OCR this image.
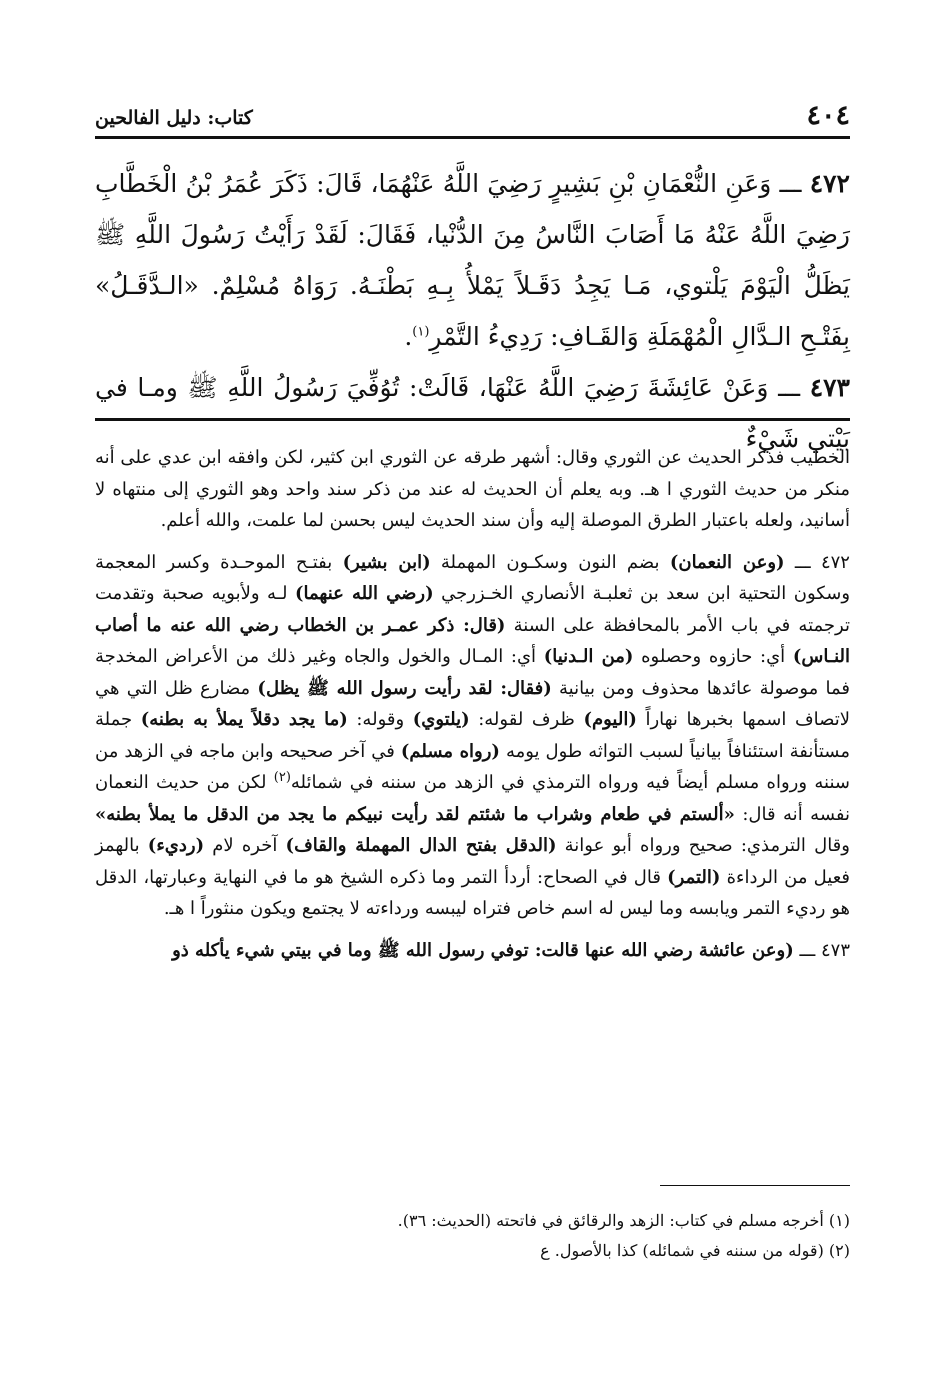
٤٠٤
كتاب: دليل الفالحين

٤٧٢ ـــ وَعَنِ النُّعْمَانِ بْنِ بَشِيرٍ رَضِيَ اللَّهُ عَنْهُمَا، قَالَ: ذَكَرَ عُمَرُ بْنُ الْخَطَّابِ رَضِيَ اللَّهُ عَنْهُ مَا أَصَابَ النَّاسُ مِنَ الدُّنْيا، فَقَالَ: لَقَدْ رَأَيْتُ رَسُولَ اللَّهِ ﷺ يَظَلُّ الْيَوْمَ يَلْتوي، مَـا يَجِدُ دَقَـلاً يَمْلأُ بِـهِ بَطْنَـهُ. رَوَاهُ مُسْلِمٌ. «الـدَّقَـلُ» بِفَتْـحِ الـدَّالِ الْمُهْمَلَةِ وَالقَـافِ: رَدِيءُ التَّمْرِ$^{(١)}$.

٤٧٣ ـــ وَعَنْ عَائِشَةَ رَضِيَ اللَّهُ عَنْهَا، قَالَتْ: تُوُفِّيَ رَسُولُ اللَّهِ ﷺ ومـا في بَيْتي شَيْءٌ

الخطيب فذكر الحديث عن الثوري وقال: أشهر طرقه عن الثوري ابن كثير، لكن وافقه ابن عدي على أنه منكر من حديث الثوري ا هـ. وبه يعلم أن الحديث له عند من ذكر سند واحد وهو الثوري إلى منتهاه لا أسانيد، ولعله باعتبار الطرق الموصلة إليه وأن سند الحديث ليس بحسن لما علمت، والله أعلم.

٤٧٢ ـــ (وعن النعمان) بضم النون وسكـون المهملة (ابن بشير) بفتـح الموحـدة وكسر المعجمة وسكون التحتية ابن سعد بن ثعلبـة الأنصاري الخـزرجي (رضي الله عنهما) لـه ولأبويه صحبة وتقدمت ترجمته في باب الأمر بالمحافظة على السنة (قال: ذكر عمـر بن الخطاب رضي الله عنه ما أصاب النـاس) أي: حازوه وحصلوه (من الـدنيا) أي: المـال والخول والجاه وغير ذلك من الأعراض المخدجة فما موصولة عائدها محذوف ومن بيانية (فقال: لقد رأيت رسول الله ﷺ يظل) مضارع ظل التي هي لاتصاف اسمها بخبرها نهاراً (اليوم) ظرف لقوله: (يلتوي) وقوله: (ما يجد دقلاً يملأ به بطنه) جملة مستأنفة استئنافاً بيانياً لسبب التواثه طول يومه (رواه مسلم) في آخر صحيحه وابن ماجه في الزهد من سننه ورواه مسلم أيضاً فيه ورواه الترمذي في الزهد من سننه في شمائله$^{(٢)}$ لكن من حديث النعمان نفسه أنه قال: «ألستم في طعام وشراب ما شئتم لقد رأيت نبيكم ما يجد من الدقل ما يملأ بطنه» وقال الترمذي: صحيح ورواه أبو عوانة (الدقل بفتح الدال المهملة والقاف) آخره لام (رديء) بالهمز فعيل من الرداءة (التمر) قال في الصحاح: أردأ التمر وما ذكره الشيخ هو ما في النهاية وعبارتها، الدقل هو رديء التمر ويابسه وما ليس له اسم خاص فتراه ليبسه ورداءته لا يجتمع ويكون منثوراً ا هـ.

٤٧٣ ـــ (وعن عائشة رضي الله عنها قالت: توفي رسول الله ﷺ وما في بيتي شيء يأكله ذو

(١) أخرجه مسلم في كتاب: الزهد والرقائق في فاتحته (الحديث: ٣٦).

(٢) (قوله من سننه في شمائله) كذا بالأصول. ع
